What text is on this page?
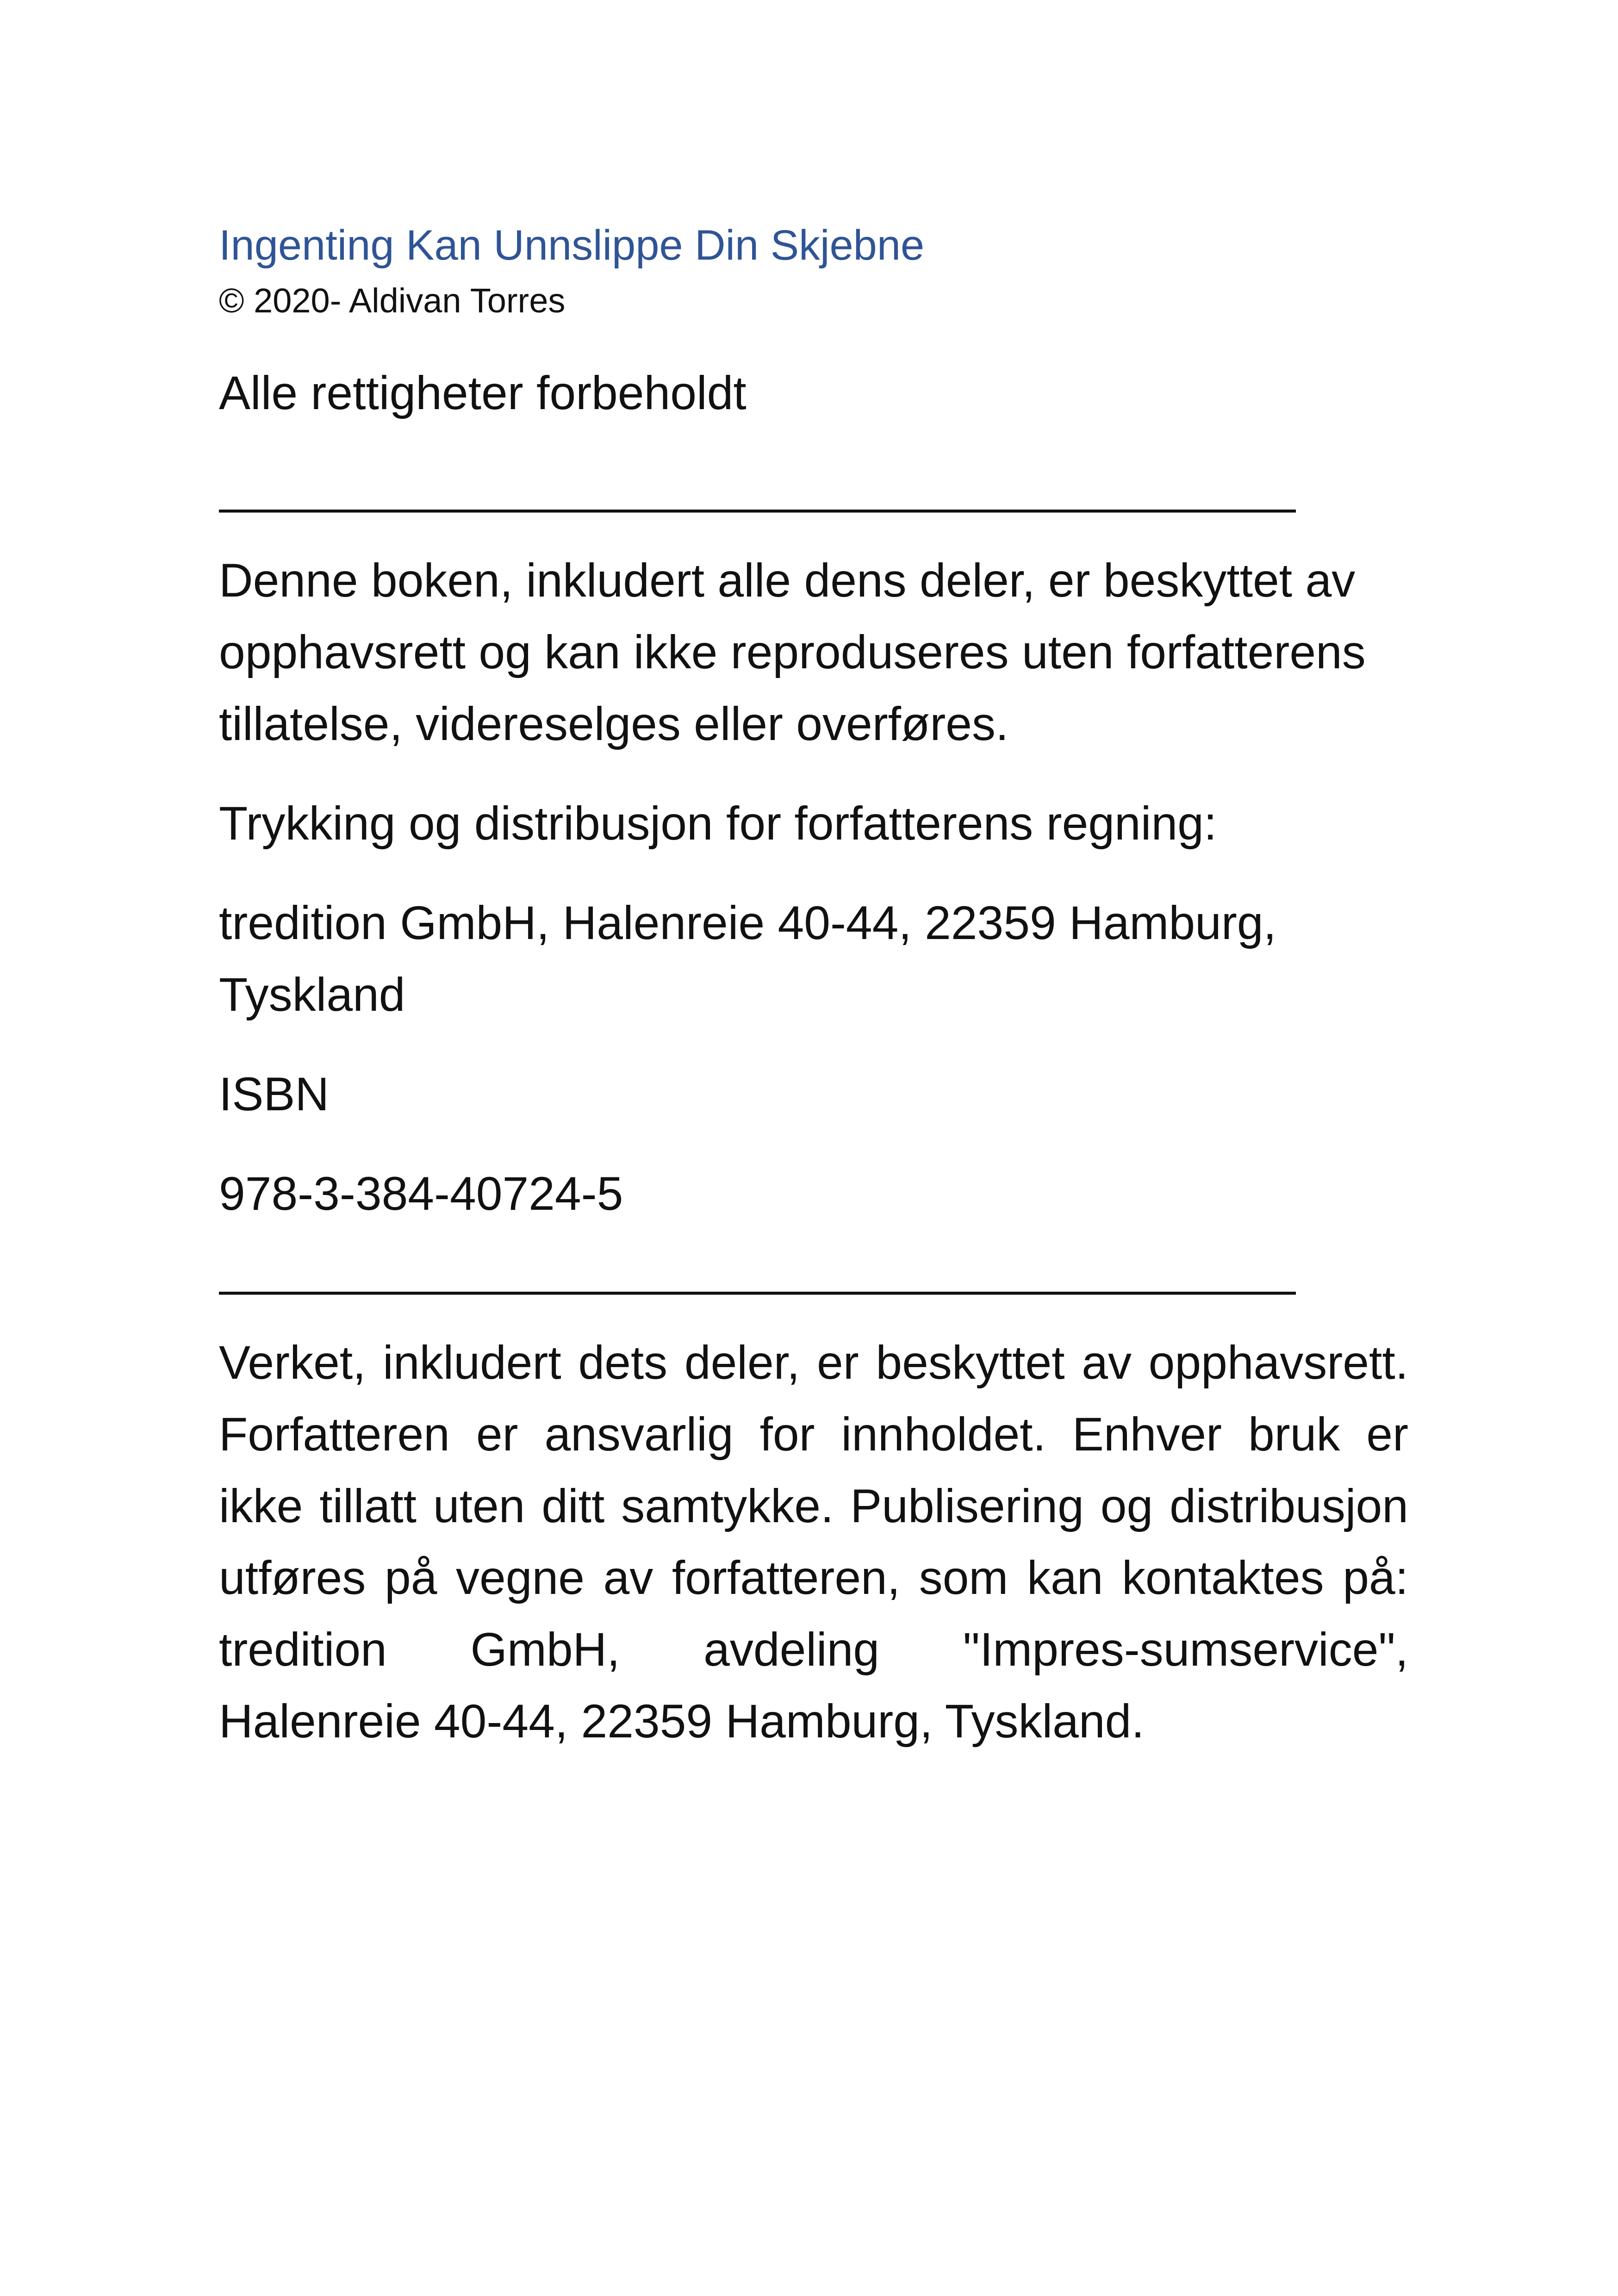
Ingenting Kan Unnslippe Din Skjebne

© 2020- Aldivan Torres

Alle rettigheter forbeholdt

_________________________________________

Denne boken, inkludert alle dens deler, er beskyttet av opphavsrett og kan ikke reproduseres uten forfatterens tillatelse, videreselges eller overføres.

Trykking og distribusjon for forfatterens regning:

tredition GmbH, Halenreie 40-44, 22359 Hamburg, Tyskland

ISBN

978-3-384-40724-5

_________________________________________

Verket, inkludert dets deler, er beskyttet av opphavsrett. Forfatteren er ansvarlig for innholdet. Enhver bruk er ikke tillatt uten ditt samtykke. Publisering og distribusjon utføres på vegne av forfatteren, som kan kontaktes på: tredition GmbH, avdeling "Impres-sumservice", Halenreie 40-44, 22359 Hamburg, Tyskland.
